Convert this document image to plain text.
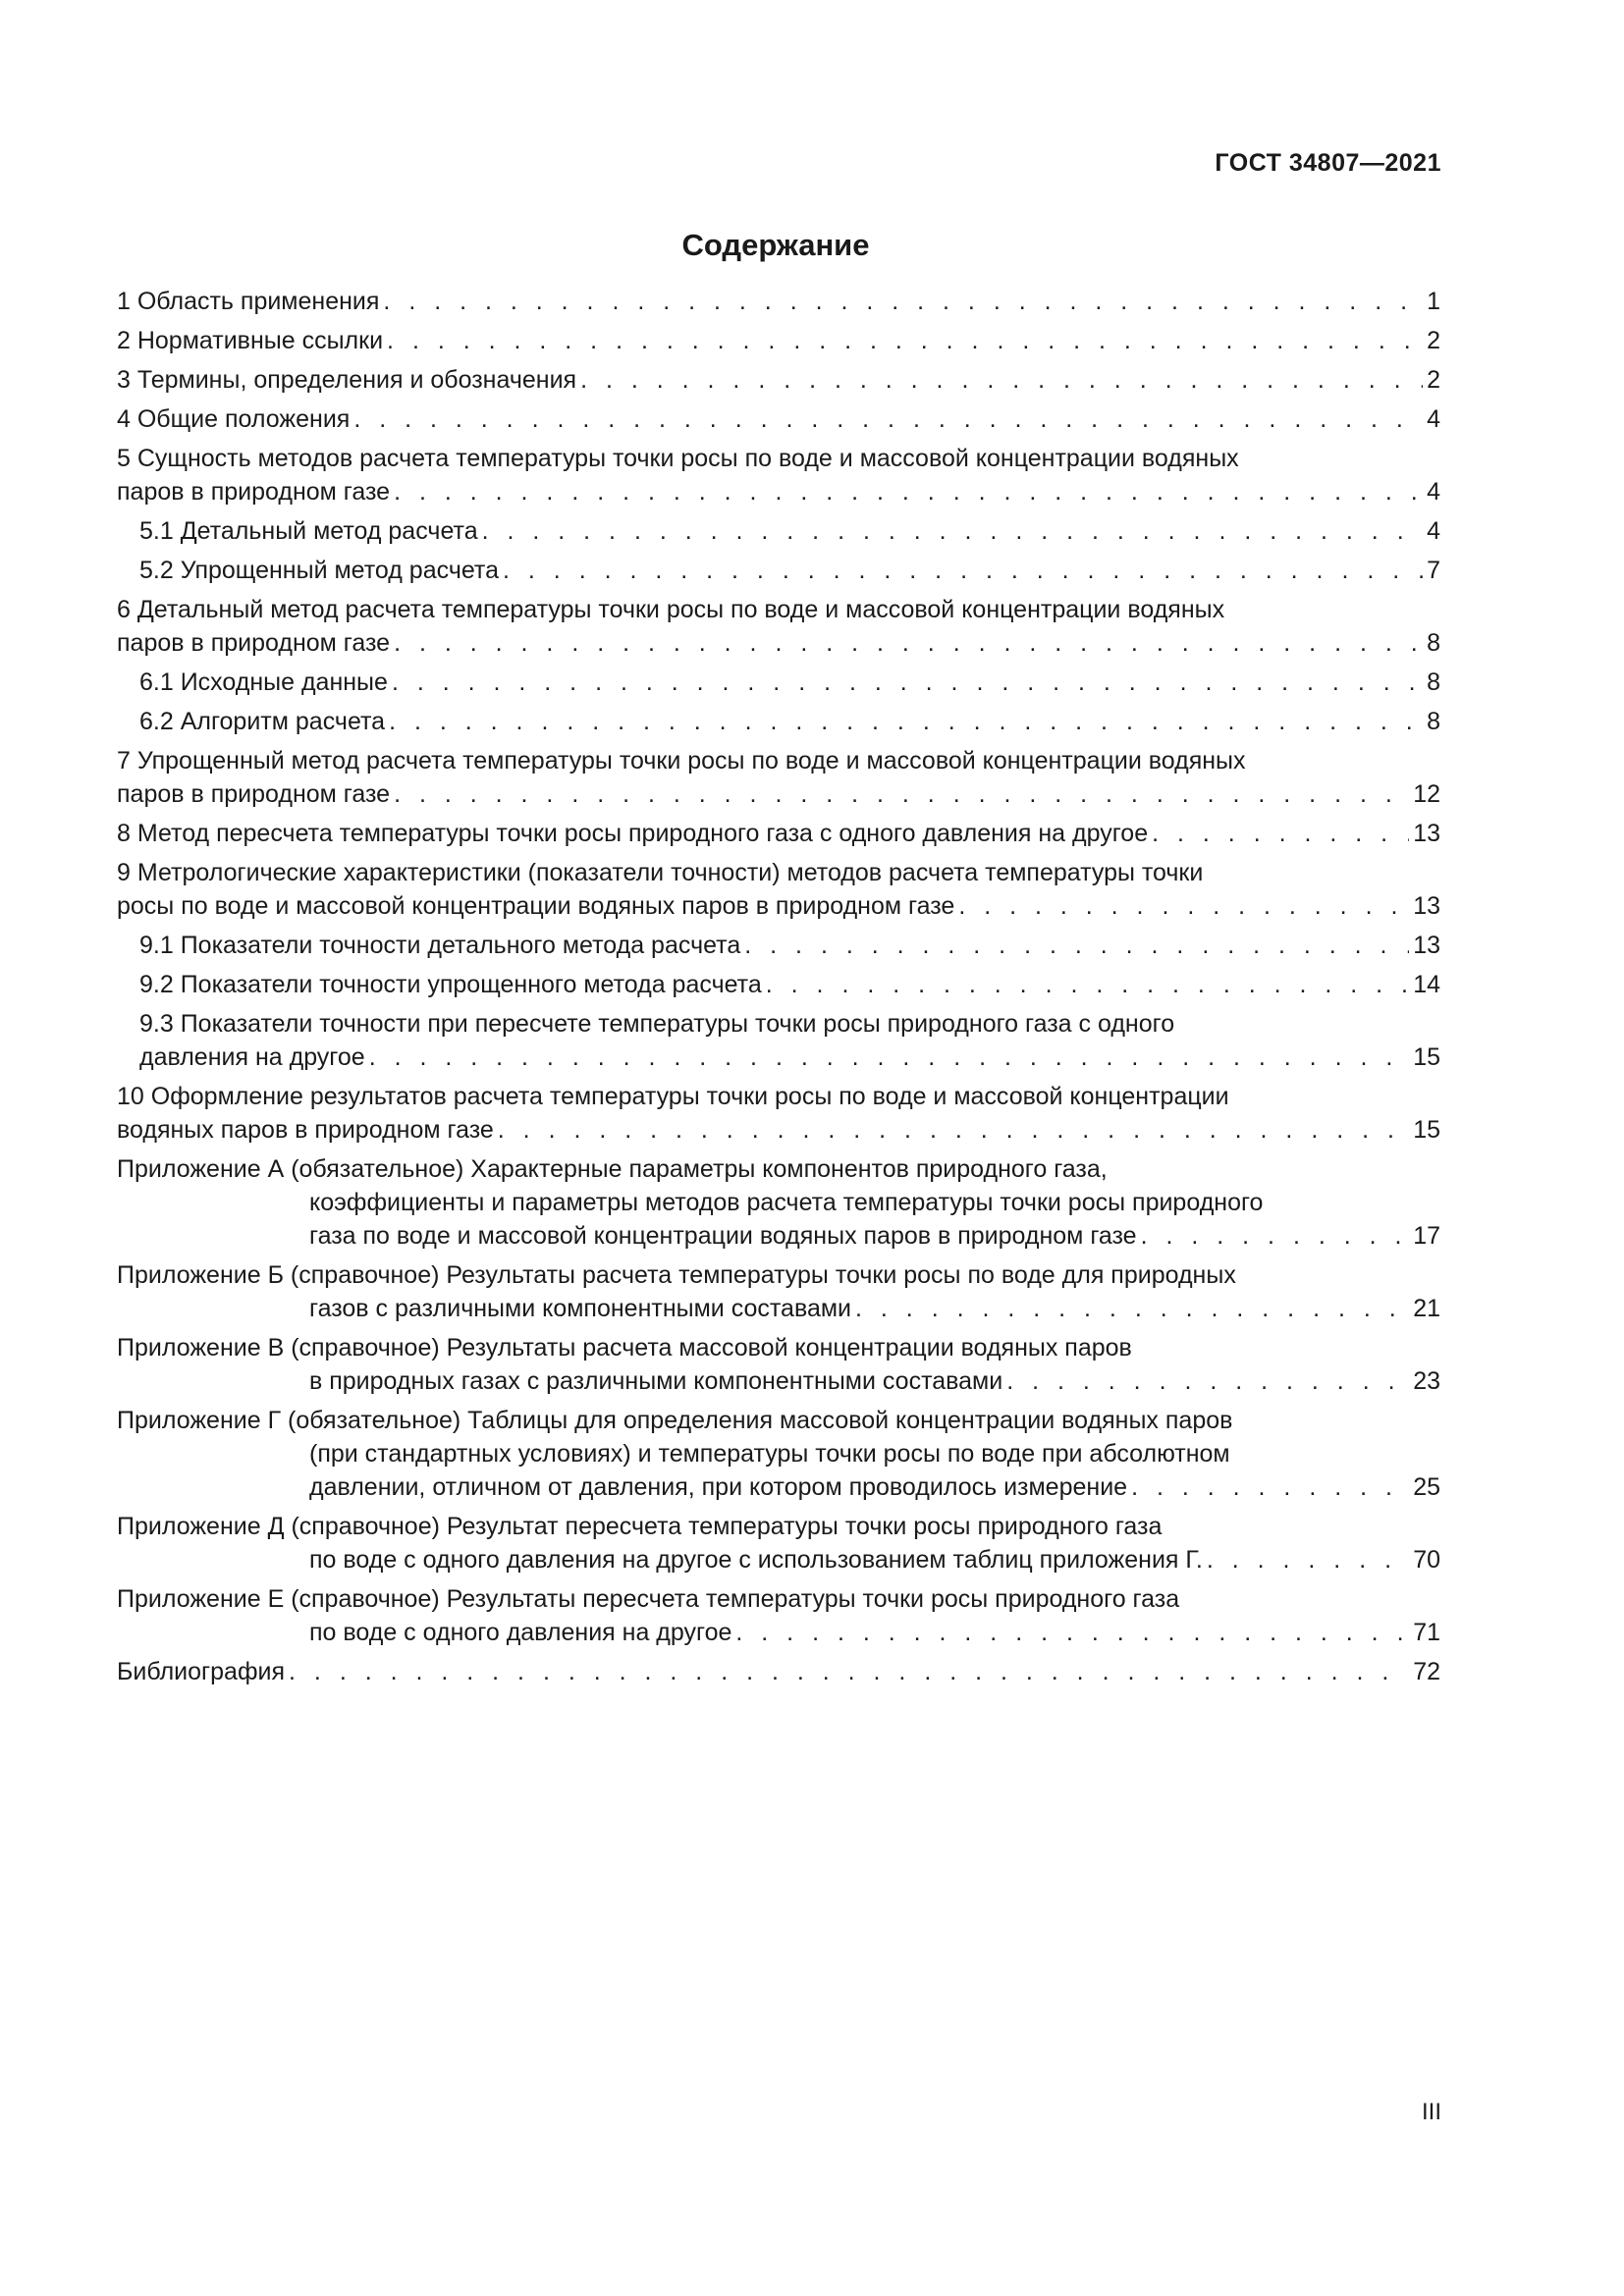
ГОСТ 34807—2021
Содержание
1 Область применения . . .	1
2 Нормативные ссылки . . .	2
3 Термины, определения и обозначения . . .	2
4 Общие положения . . .	4
5 Сущность методов расчета температуры точки росы по воде и массовой концентрации водяных
паров в природном газе . . .	4
5.1 Детальный метод расчета . . .	4
5.2 Упрощенный метод расчета . . .	7
6 Детальный метод расчета температуры точки росы по воде и массовой концентрации водяных
паров в природном газе . . .	8
6.1 Исходные данные . . .	8
6.2 Алгоритм расчета . . .	8
7 Упрощенный метод расчета температуры точки росы по воде и массовой концентрации водяных
паров в природном газе . . .	12
8 Метод пересчета температуры точки росы природного газа с одного давления на другое . . .	13
9 Метрологические характеристики (показатели точности) методов расчета температуры точки
росы по воде и массовой концентрации водяных паров в природном газе . . .	13
9.1 Показатели точности детального метода расчета . . .	13
9.2 Показатели точности упрощенного метода расчета . . .	14
9.3 Показатели точности при пересчете температуры точки росы природного газа с одного
давления на другое . . .	15
10 Оформление результатов расчета температуры точки росы по воде и массовой концентрации
водяных паров в природном газе . . .	15
Приложение А (обязательное) Характерные параметры компонентов природного газа,
коэффициенты и параметры методов расчета температуры точки росы природного
газа по воде и массовой концентрации водяных паров в природном газе . . .	17
Приложение Б (справочное) Результаты расчета температуры точки росы по воде для природных
газов с различными компонентными составами . . .	21
Приложение В (справочное) Результаты расчета массовой концентрации водяных паров
в природных газах с различными компонентными составами . . .	23
Приложение Г (обязательное) Таблицы для определения массовой концентрации водяных паров
(при стандартных условиях) и температуры точки росы по воде при абсолютном
давлении, отличном от давления, при котором проводилось измерение . . .	25
Приложение Д (справочное) Результат пересчета температуры точки росы природного газа
по воде с одного давления на другое с использованием таблиц приложения Г. . . .	70
Приложение Е (справочное) Результаты пересчета температуры точки росы природного газа
по воде с одного давления на другое . . .	71
Библиография . . .	72
III
